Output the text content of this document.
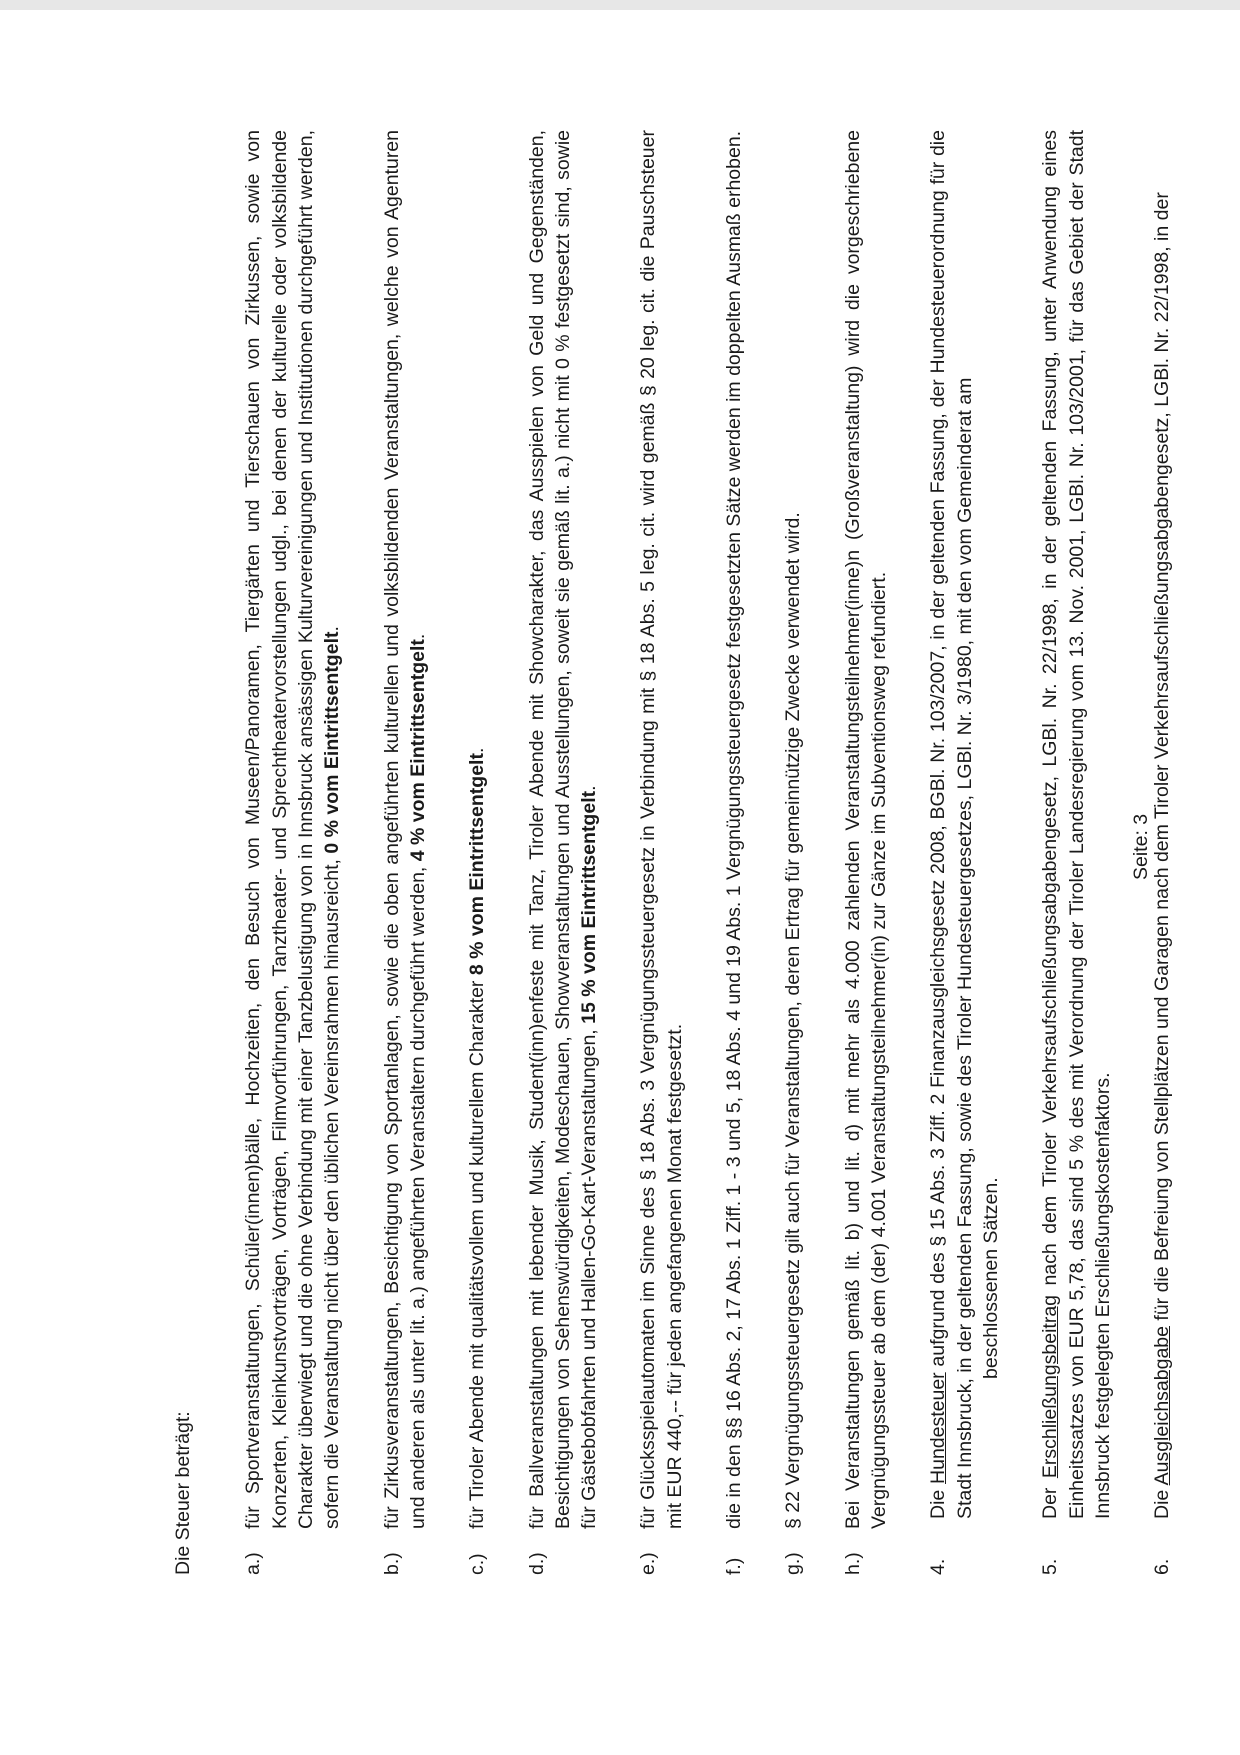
Die Steuer beträgt: a.)
für Sportveranstaltungen, Schüler(innen)bälle, Hochzeiten, den Besuch von Museen/Panoramen, Tiergärten und Tierschauen von Zirkussen, sowie von Konzerten, Kleinkunstvorträgen, Vorträgen, Filmvorführungen, Tanztheater- und Sprechtheatervorstellungen udgl., bei denen der kulturelle oder volksbildende Charakter überwiegt und die ohne Verbindung mit einer Tanzbelustigung von in Innsbruck ansässigen Kulturvereinigungen und Institutionen durchgeführt werden, sofern die Veranstaltung nicht über den üblichen Vereinsrahmen hinausreicht, 0 % vom Eintrittsentgelt.
b.)
für Zirkusveranstaltungen, Besichtigung von Sportanlagen, sowie die oben angeführten kulturellen und volksbildenden Veranstaltungen, welche von Agenturen und anderen als unter lit. a.) angeführten Veranstaltern durchgeführt werden, 4 % vom Eintrittsentgelt.
c.)
für Tiroler Abende mit qualitätsvollem und kulturellem Charakter 8 % vom Eintrittsentgelt.
d.)
für Ballveranstaltungen mit lebender Musik, Student(inn)enfeste mit Tanz, Tiroler Abende mit Showcharakter, das Ausspielen von Geld und Gegenständen, Besichtigungen von Sehenswürdigkeiten, Modeschauen, Showveranstaltungen und Ausstellungen, soweit sie gemäß lit. a.) nicht mit 0 % festgesetzt sind, sowie für Gästebobfahrten und Hallen-Go-Kart-Veranstaltungen, 15 % vom Eintrittsentgelt.
e.)
für Glücksspielautomaten im Sinne des § 18 Abs. 3 Vergnügungssteuergesetz in Verbindung mit § 18 Abs. 5 leg. cit. wird gemäß § 20 leg. cit. die Pauschsteuer mit EUR 440,-- für jeden angefangenen Monat festgesetzt.
f.)
die in den §§ 16 Abs. 2, 17 Abs. 1 Ziff. 1 - 3 und 5, 18 Abs. 4 und 19 Abs. 1 Vergnügungssteuergesetz festgesetzten Sätze werden im doppelten Ausmaß erhoben.
g.)
§ 22 Vergnügungssteuergesetz gilt auch für Veranstaltungen, deren Ertrag für gemeinnützige Zwecke verwendet wird.
h.)
Bei Veranstaltungen gemäß lit. b) und lit. d) mit mehr als 4.000 zahlenden Veranstaltungsteilnehmer(inne)n (Großveranstaltung) wird die vorgeschriebene Vergnügungssteuer ab dem (der) 4.001 Veranstaltungsteilnehmer(in) zur Gänze im Subventionsweg refundiert.
4.
Die Hundesteuer aufgrund des § 15 Abs. 3 Ziff. 2 Finanzausgleichsgesetz 2008, BGBl. Nr. 103/2007, in der geltenden Fassung, der Hundesteuerordnung für die Stadt Innsbruck, in der geltenden Fassung, sowie des Tiroler Hundesteuergesetzes, LGBl. Nr. 3/1980, mit den vom Gemeinderat am beschlossenen Sätzen.
5.
Der Erschließungsbeitrag nach dem Tiroler Verkehrsaufschließungsabgabengesetz, LGBl. Nr. 22/1998, in der geltenden Fassung, unter Anwendung eines Einheitssatzes von EUR 5,78, das sind 5 % des mit Verordnung der Tiroler Landesregierung vom 13. Nov. 2001, LGBl. Nr. 103/2001, für das Gebiet der Stadt Innsbruck festgelegten Erschließungskostenfaktors.
6.
Die Ausgleichsabgabe für die Befreiung von Stellplätzen und Garagen nach dem Tiroler Verkehrsaufschließungsabgabengesetz, LGBl. Nr. 22/1998, in der
Seite: 3
